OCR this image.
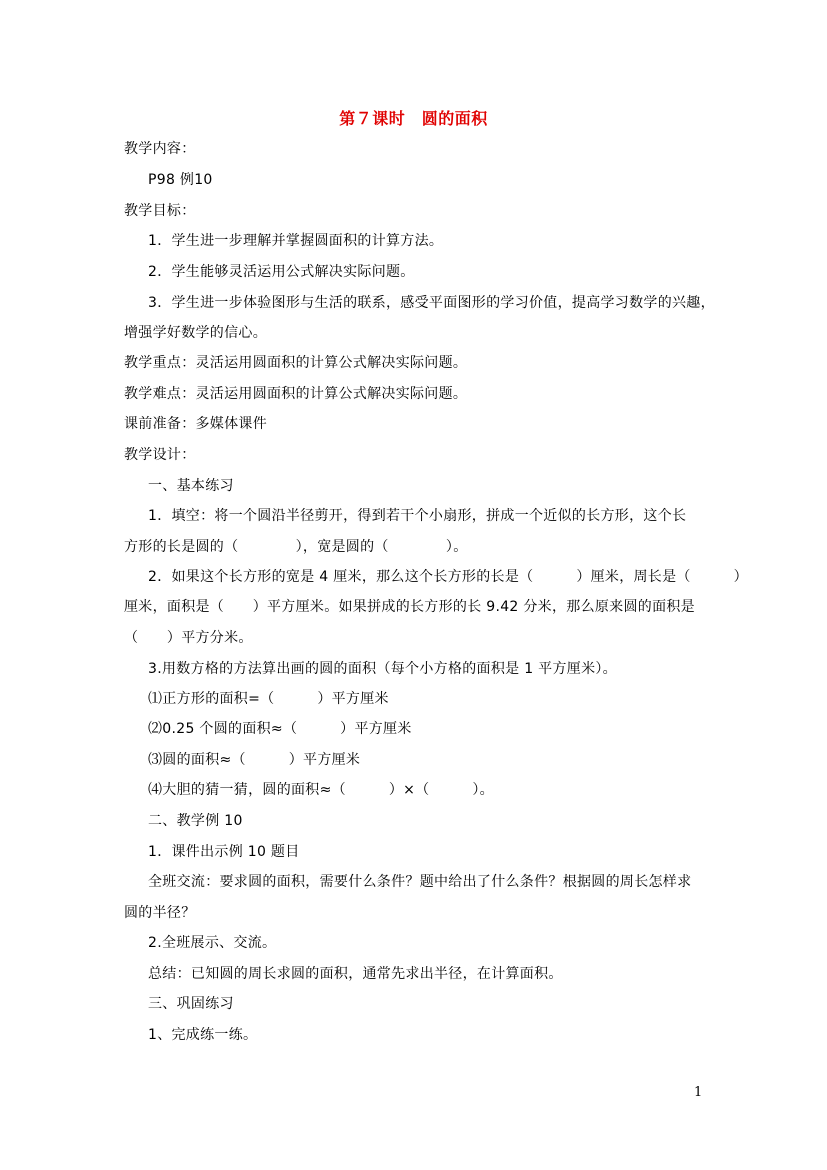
第７课时　圆的面积
教学内容：
P98 例10
教学目标：
1．学生进一步理解并掌握圆面积的计算方法。
2．学生能够灵活运用公式解决实际问题。
3．学生进一步体验图形与生活的联系，感受平面图形的学习价值，提高学习数学的兴趣，
增强学好数学的信心。
教学重点：灵活运用圆面积的计算公式解决实际问题。
教学难点：灵活运用圆面积的计算公式解决实际问题。
课前准备：多媒体课件
教学设计：
一、基本练习
1．填空：将一个圆沿半径剪开，得到若干个小扇形，拼成一个近似的长方形，这个长
方形的长是圆的（　　　　），宽是圆的（　　　　）。
2．如果这个长方形的宽是 4 厘米，那么这个长方形的长是（　　　）厘米，周长是（　　　）
厘米，面积是（　　）平方厘米。如果拼成的长方形的长 9.42 分米，那么原来圆的面积是
（　　）平方分米。
3.用数方格的方法算出画的圆的面积（每个小方格的面积是 1 平方厘米）。
⑴正方形的面积=（　　　）平方厘米
⑵0.25 个圆的面积≈（　　　）平方厘米
⑶圆的面积≈（　　　）平方厘米
⑷大胆的猜一猜，圆的面积≈（　　　）×（　　　）。
二、教学例 10
1．课件出示例 10 题目
全班交流：要求圆的面积，需要什么条件？题中给出了什么条件？根据圆的周长怎样求
圆的半径？
2.全班展示、交流。
总结：已知圆的周长求圆的面积，通常先求出半径，在计算面积。
三、巩固练习
1、完成练一练。
1
